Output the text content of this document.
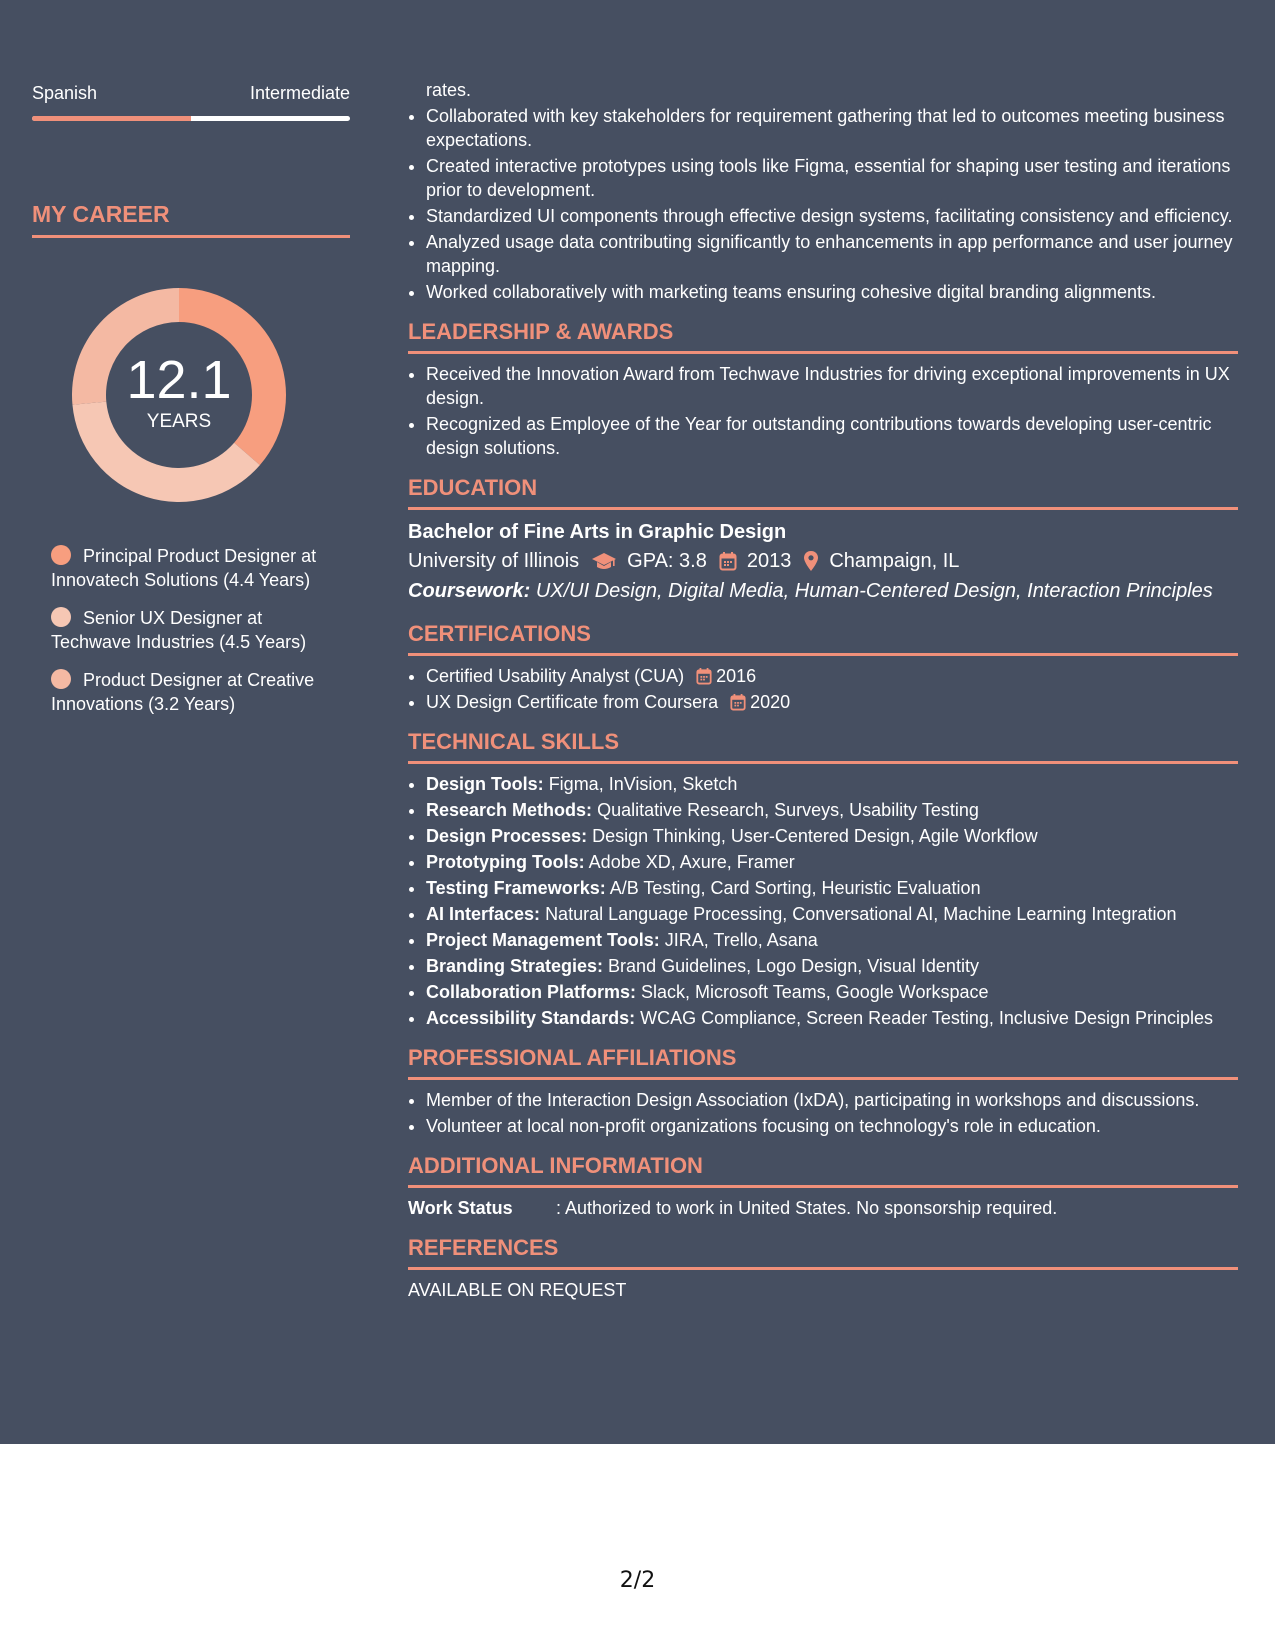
Spanish	Intermediate
MY CAREER
12.1
YEARS
Principal Product Designer at Innovatech Solutions (4.4 Years)
Senior UX Designer at Techwave Industries (4.5 Years)
Product Designer at Creative Innovations (3.2 Years)
rates.
• Collaborated with key stakeholders for requirement gathering that led to outcomes meeting business expectations.
• Created interactive prototypes using tools like Figma, essential for shaping user testing and iterations prior to development.
• Standardized UI components through effective design systems, facilitating consistency and efficiency.
• Analyzed usage data contributing significantly to enhancements in app performance and user journey mapping.
• Worked collaboratively with marketing teams ensuring cohesive digital branding alignments.
LEADERSHIP & AWARDS
• Received the Innovation Award from Techwave Industries for driving exceptional improvements in UX design.
• Recognized as Employee of the Year for outstanding contributions towards developing user-centric design solutions.
EDUCATION
Bachelor of Fine Arts in Graphic Design
University of Illinois GPA: 3.8 2013 Champaign, IL
Coursework: UX/UI Design, Digital Media, Human-Centered Design, Interaction Principles
CERTIFICATIONS
• Certified Usability Analyst (CUA) 2016
• UX Design Certificate from Coursera 2020
TECHNICAL SKILLS
• Design Tools: Figma, InVision, Sketch
• Research Methods: Qualitative Research, Surveys, Usability Testing
• Design Processes: Design Thinking, User-Centered Design, Agile Workflow
• Prototyping Tools: Adobe XD, Axure, Framer
• Testing Frameworks: A/B Testing, Card Sorting, Heuristic Evaluation
• AI Interfaces: Natural Language Processing, Conversational AI, Machine Learning Integration
• Project Management Tools: JIRA, Trello, Asana
• Branding Strategies: Brand Guidelines, Logo Design, Visual Identity
• Collaboration Platforms: Slack, Microsoft Teams, Google Workspace
• Accessibility Standards: WCAG Compliance, Screen Reader Testing, Inclusive Design Principles
PROFESSIONAL AFFILIATIONS
• Member of the Interaction Design Association (IxDA), participating in workshops and discussions.
• Volunteer at local non-profit organizations focusing on technology's role in education.
ADDITIONAL INFORMATION
Work Status	: Authorized to work in United States. No sponsorship required.
REFERENCES
AVAILABLE ON REQUEST
2/2
